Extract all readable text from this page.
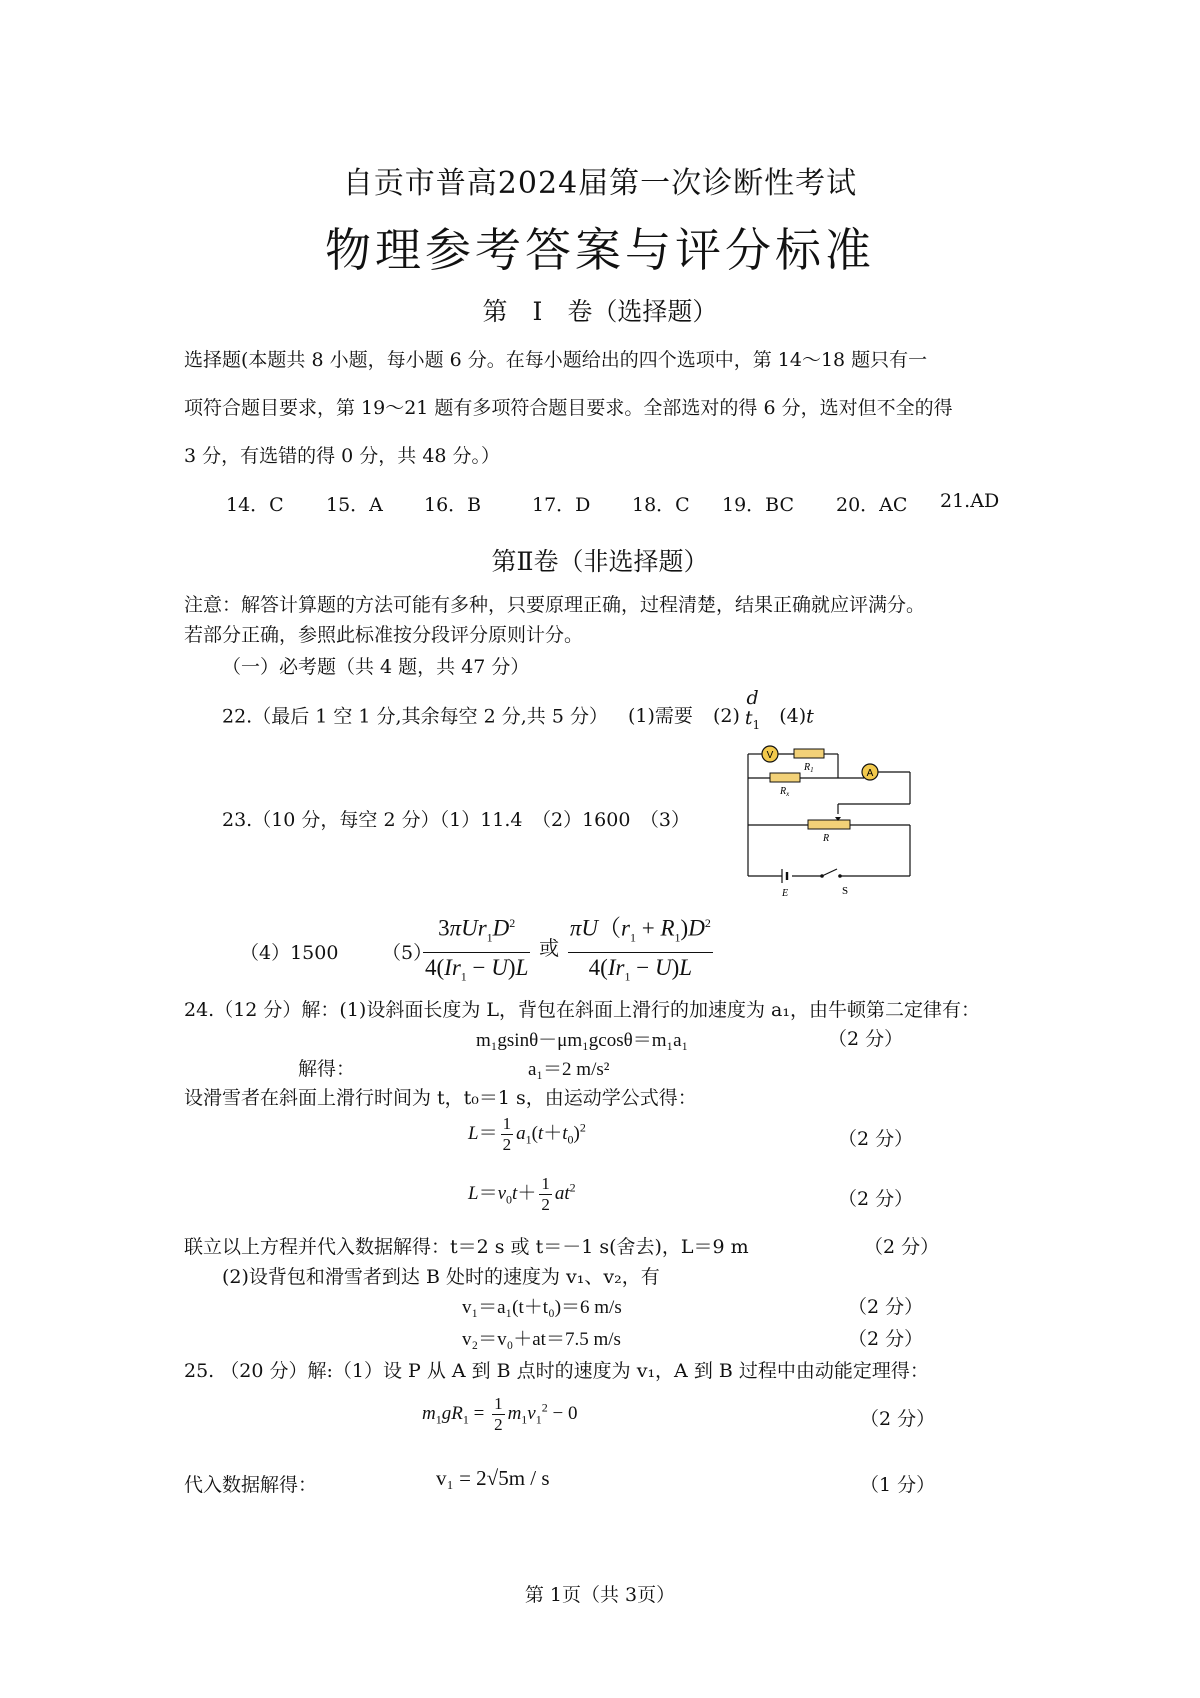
自贡市普高2024届第一次诊断性考试
物理参考答案与评分标准
第　Ⅰ　卷（选择题）
选择题(本题共 8 小题，每小题 6 分。在每小题给出的四个选项中，第 14～18 题只有一
项符合题目要求，第 19～21 题有多项符合题目要求。全部选对的得 6 分，选对但不全的得
3 分，有选错的得 0 分，共 48 分。）
14．C 15．A 16．B	17．D 18．C 19．BC 20．AC 21.AD
第Ⅱ卷（非选择题）
注意：解答计算题的方法可能有多种，只要原理正确，过程清楚，结果正确就应评满分。
若部分正确，参照此标准按分段评分原则计分。
（一）必考题（共 4 题，共 47 分）
22.（最后 1 空 1 分,其余每空 2 分,共 5 分） (1)需要 (2)
d
$t_1$ (4)t
23.（10 分，每空 2 分）（1）11.4　（2）1600　（3）
V
$R_1$
$R_x$
A
R
E	S
（4）1500 （5）
$\frac{3\pi Ur_1D^2}{4(Ir_1 - U)L}$ 或 $\frac{\pi U(r_1 + R_1)D^2}{4(Ir_1 - U)L}$
24.（12 分）解：(1)设斜面长度为 L，背包在斜面上滑行的加速度为 a₁，由牛顿第二定律有：
m₁gsinθ－μm₁gcosθ＝m₁a₁	（2 分）
解得：	a₁＝2 m/s²
设滑雪者在斜面上滑行时间为 t，t₀＝1 s，由运动学公式得：
$L= \frac{1}{2} a_1(t+t_0)^2$
（2 分）
$L=v_0t+ \frac{1}{2} at^2$
（2 分）
联立以上方程并代入数据解得：t＝2 s 或 t＝－1 s(舍去)，L＝9 m	（2 分）
(2)设背包和滑雪者到达 B 处时的速度为 v₁、v₂，有
v₁＝a₁(t＋t₀)＝6 m/s	（2 分）
v₂＝v₀＋at＝7.5 m/s	（2 分）
25. （20 分）解:（1）设 P 从 A 到 B 点时的速度为 v₁，A 到 B 过程中由动能定理得：
$m_1gR_1 = \frac{1}{2} m_1v_1^2 - 0$	（2 分）
代入数据解得：	v₁ = 2√5m / s	（1 分）
第 1页（共 3页）
